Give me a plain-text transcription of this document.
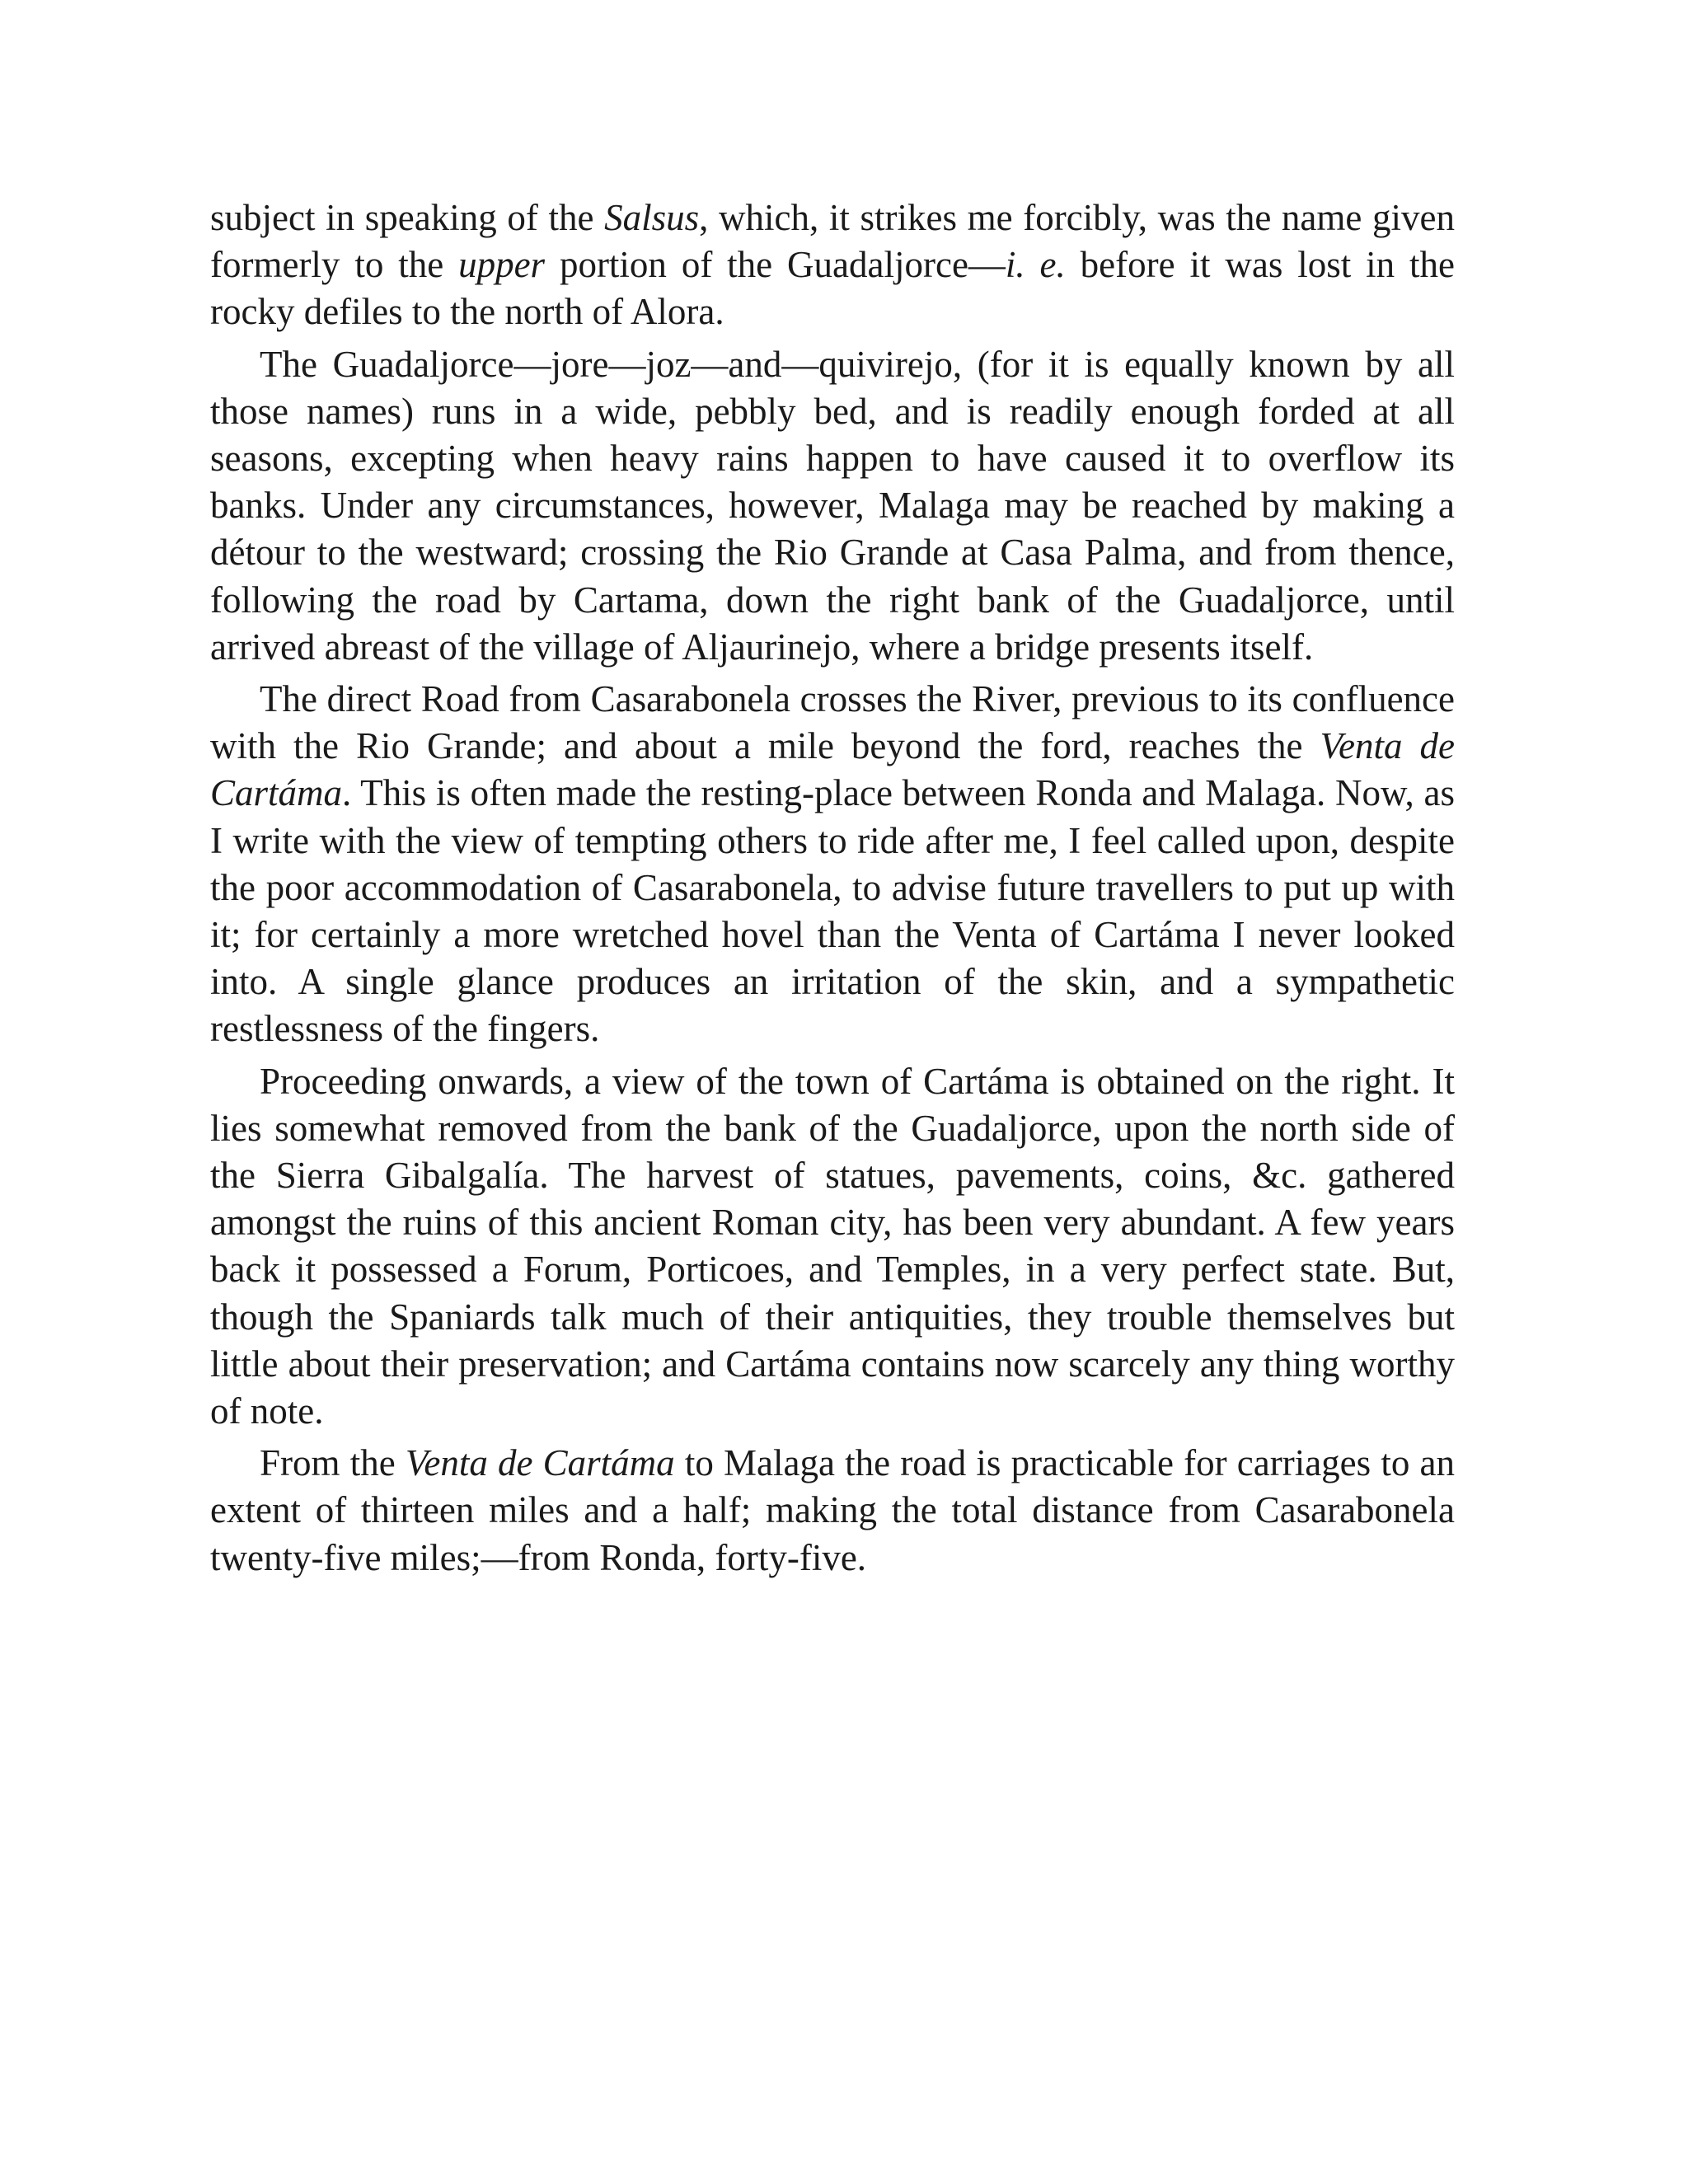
subject in speaking of the Salsus, which, it strikes me forcibly, was the name given formerly to the upper portion of the Guadaljorce—i. e. before it was lost in the rocky defiles to the north of Alora.

The Guadaljorce—jore—joz—and—quivirejo, (for it is equally known by all those names) runs in a wide, pebbly bed, and is readily enough forded at all seasons, excepting when heavy rains happen to have caused it to overflow its banks. Under any circumstances, however, Malaga may be reached by making a détour to the westward; crossing the Rio Grande at Casa Palma, and from thence, following the road by Cartama, down the right bank of the Guadaljorce, until arrived abreast of the village of Aljaurinejo, where a bridge presents itself.

The direct Road from Casarabonela crosses the River, previous to its confluence with the Rio Grande; and about a mile beyond the ford, reaches the Venta de Cartáma. This is often made the resting-place between Ronda and Malaga. Now, as I write with the view of tempting others to ride after me, I feel called upon, despite the poor accommodation of Casarabonela, to advise future travellers to put up with it; for certainly a more wretched hovel than the Venta of Cartáma I never looked into. A single glance produces an irritation of the skin, and a sympathetic restlessness of the fingers.

Proceeding onwards, a view of the town of Cartáma is obtained on the right. It lies somewhat removed from the bank of the Guadaljorce, upon the north side of the Sierra Gibalgalía. The harvest of statues, pavements, coins, &c. gathered amongst the ruins of this ancient Roman city, has been very abundant. A few years back it possessed a Forum, Porticoes, and Temples, in a very perfect state. But, though the Spaniards talk much of their antiquities, they trouble themselves but little about their preservation; and Cartáma contains now scarcely any thing worthy of note.

From the Venta de Cartáma to Malaga the road is practicable for carriages to an extent of thirteen miles and a half; making the total distance from Casarabonela twenty-five miles;—from Ronda, forty-five.
